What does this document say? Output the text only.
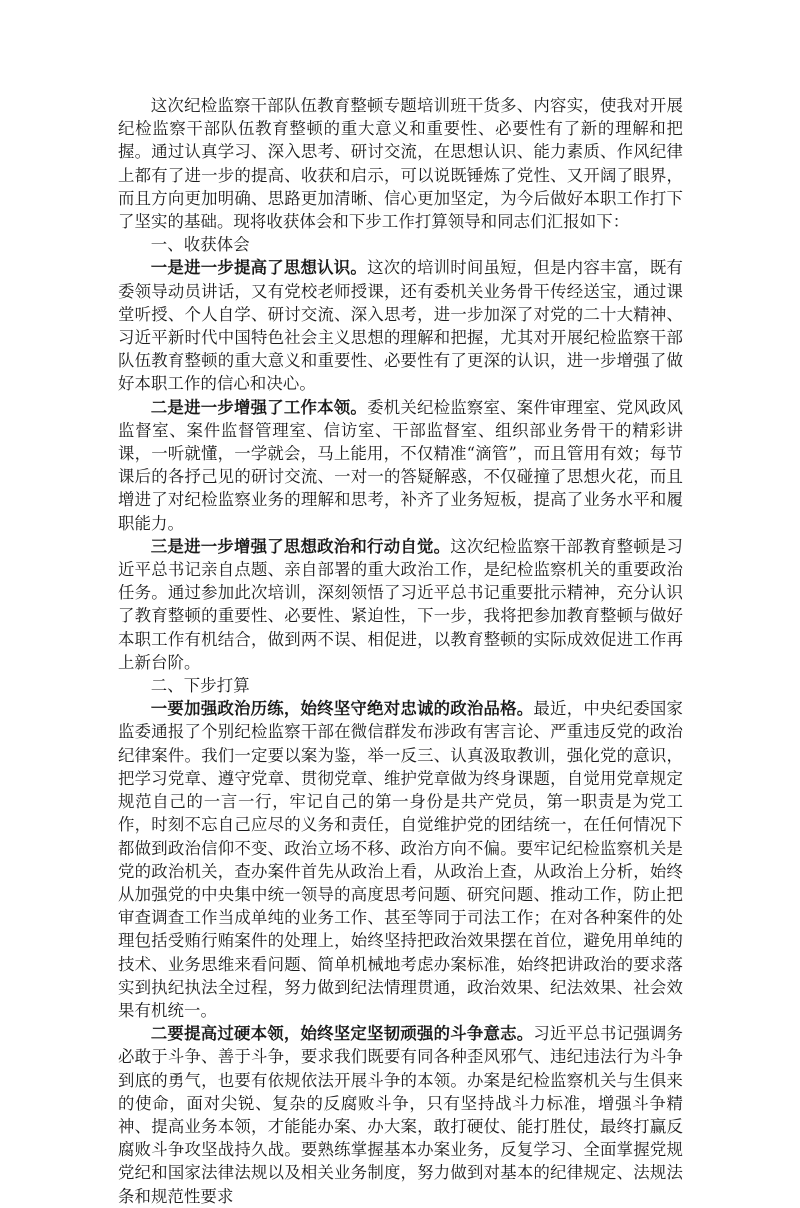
这次纪检监察干部队伍教育整顿专题培训班干货多、内容实，使我对开展纪检监察干部队伍教育整顿的重大意义和重要性、必要性有了新的理解和把握。通过认真学习、深入思考、研讨交流，在思想认识、能力素质、作风纪律上都有了进一步的提高、收获和启示，可以说既锤炼了党性、又开阔了眼界，而且方向更加明确、思路更加清晰、信心更加坚定，为今后做好本职工作打下了坚实的基础。现将收获体会和下步工作打算领导和同志们汇报如下：

一、收获体会

一是进一步提高了思想认识。这次的培训时间虽短，但是内容丰富，既有委领导动员讲话，又有党校老师授课，还有委机关业务骨干传经送宝，通过课堂听授、个人自学、研讨交流、深入思考，进一步加深了对党的二十大精神、习近平新时代中国特色社会主义思想的理解和把握，尤其对开展纪检监察干部队伍教育整顿的重大意义和重要性、必要性有了更深的认识，进一步增强了做好本职工作的信心和决心。

二是进一步增强了工作本领。委机关纪检监察室、案件审理室、党风政风监督室、案件监督管理室、信访室、干部监督室、组织部业务骨干的精彩讲课，一听就懂，一学就会，马上能用，不仅精准“滴管”，而且管用有效；每节课后的各抒己见的研讨交流、一对一的答疑解惑，不仅碰撞了思想火花，而且增进了对纪检监察业务的理解和思考，补齐了业务短板，提高了业务水平和履职能力。

三是进一步增强了思想政治和行动自觉。这次纪检监察干部教育整顿是习近平总书记亲自点题、亲自部署的重大政治工作，是纪检监察机关的重要政治任务。通过参加此次培训，深刻领悟了习近平总书记重要批示精神，充分认识了教育整顿的重要性、必要性、紧迫性，下一步，我将把参加教育整顿与做好本职工作有机结合，做到两不误、相促进，以教育整顿的实际成效促进工作再上新台阶。

二、下步打算

一要加强政治历练，始终坚守绝对忠诚的政治品格。最近，中央纪委国家监委通报了个别纪检监察干部在微信群发布涉政有害言论、严重违反党的政治纪律案件。我们一定要以案为鉴，举一反三、认真汲取教训，强化党的意识，把学习党章、遵守党章、贯彻党章、维护党章做为终身课题，自觉用党章规定规范自己的一言一行，牢记自己的第一身份是共产党员，第一职责是为党工作，时刻不忘自己应尽的义务和责任，自觉维护党的团结统一，在任何情况下都做到政治信仰不变、政治立场不移、政治方向不偏。要牢记纪检监察机关是党的政治机关，查办案件首先从政治上看，从政治上查，从政治上分析，始终从加强党的中央集中统一领导的高度思考问题、研究问题、推动工作，防止把审查调查工作当成单纯的业务工作、甚至等同于司法工作；在对各种案件的处理包括受贿行贿案件的处理上，始终坚持把政治效果摆在首位，避免用单纯的技术、业务思维来看问题、简单机械地考虑办案标准，始终把讲政治的要求落实到执纪执法全过程，努力做到纪法情理贯通，政治效果、纪法效果、社会效果有机统一。

二要提高过硬本领，始终坚定坚韧顽强的斗争意志。习近平总书记强调务必敢于斗争、善于斗争，要求我们既要有同各种歪风邪气、违纪违法行为斗争到底的勇气，也要有依规依法开展斗争的本领。办案是纪检监察机关与生俱来的使命，面对尖锐、复杂的反腐败斗争，只有坚持战斗力标准，增强斗争精神、提高业务本领，才能能办案、办大案，敢打硬仗、能打胜仗，最终打赢反腐败斗争攻坚战持久战。要熟练掌握基本办案业务，反复学习、全面掌握党规党纪和国家法律法规以及相关业务制度，努力做到对基本的纪律规定、法规法条和规范性要求
